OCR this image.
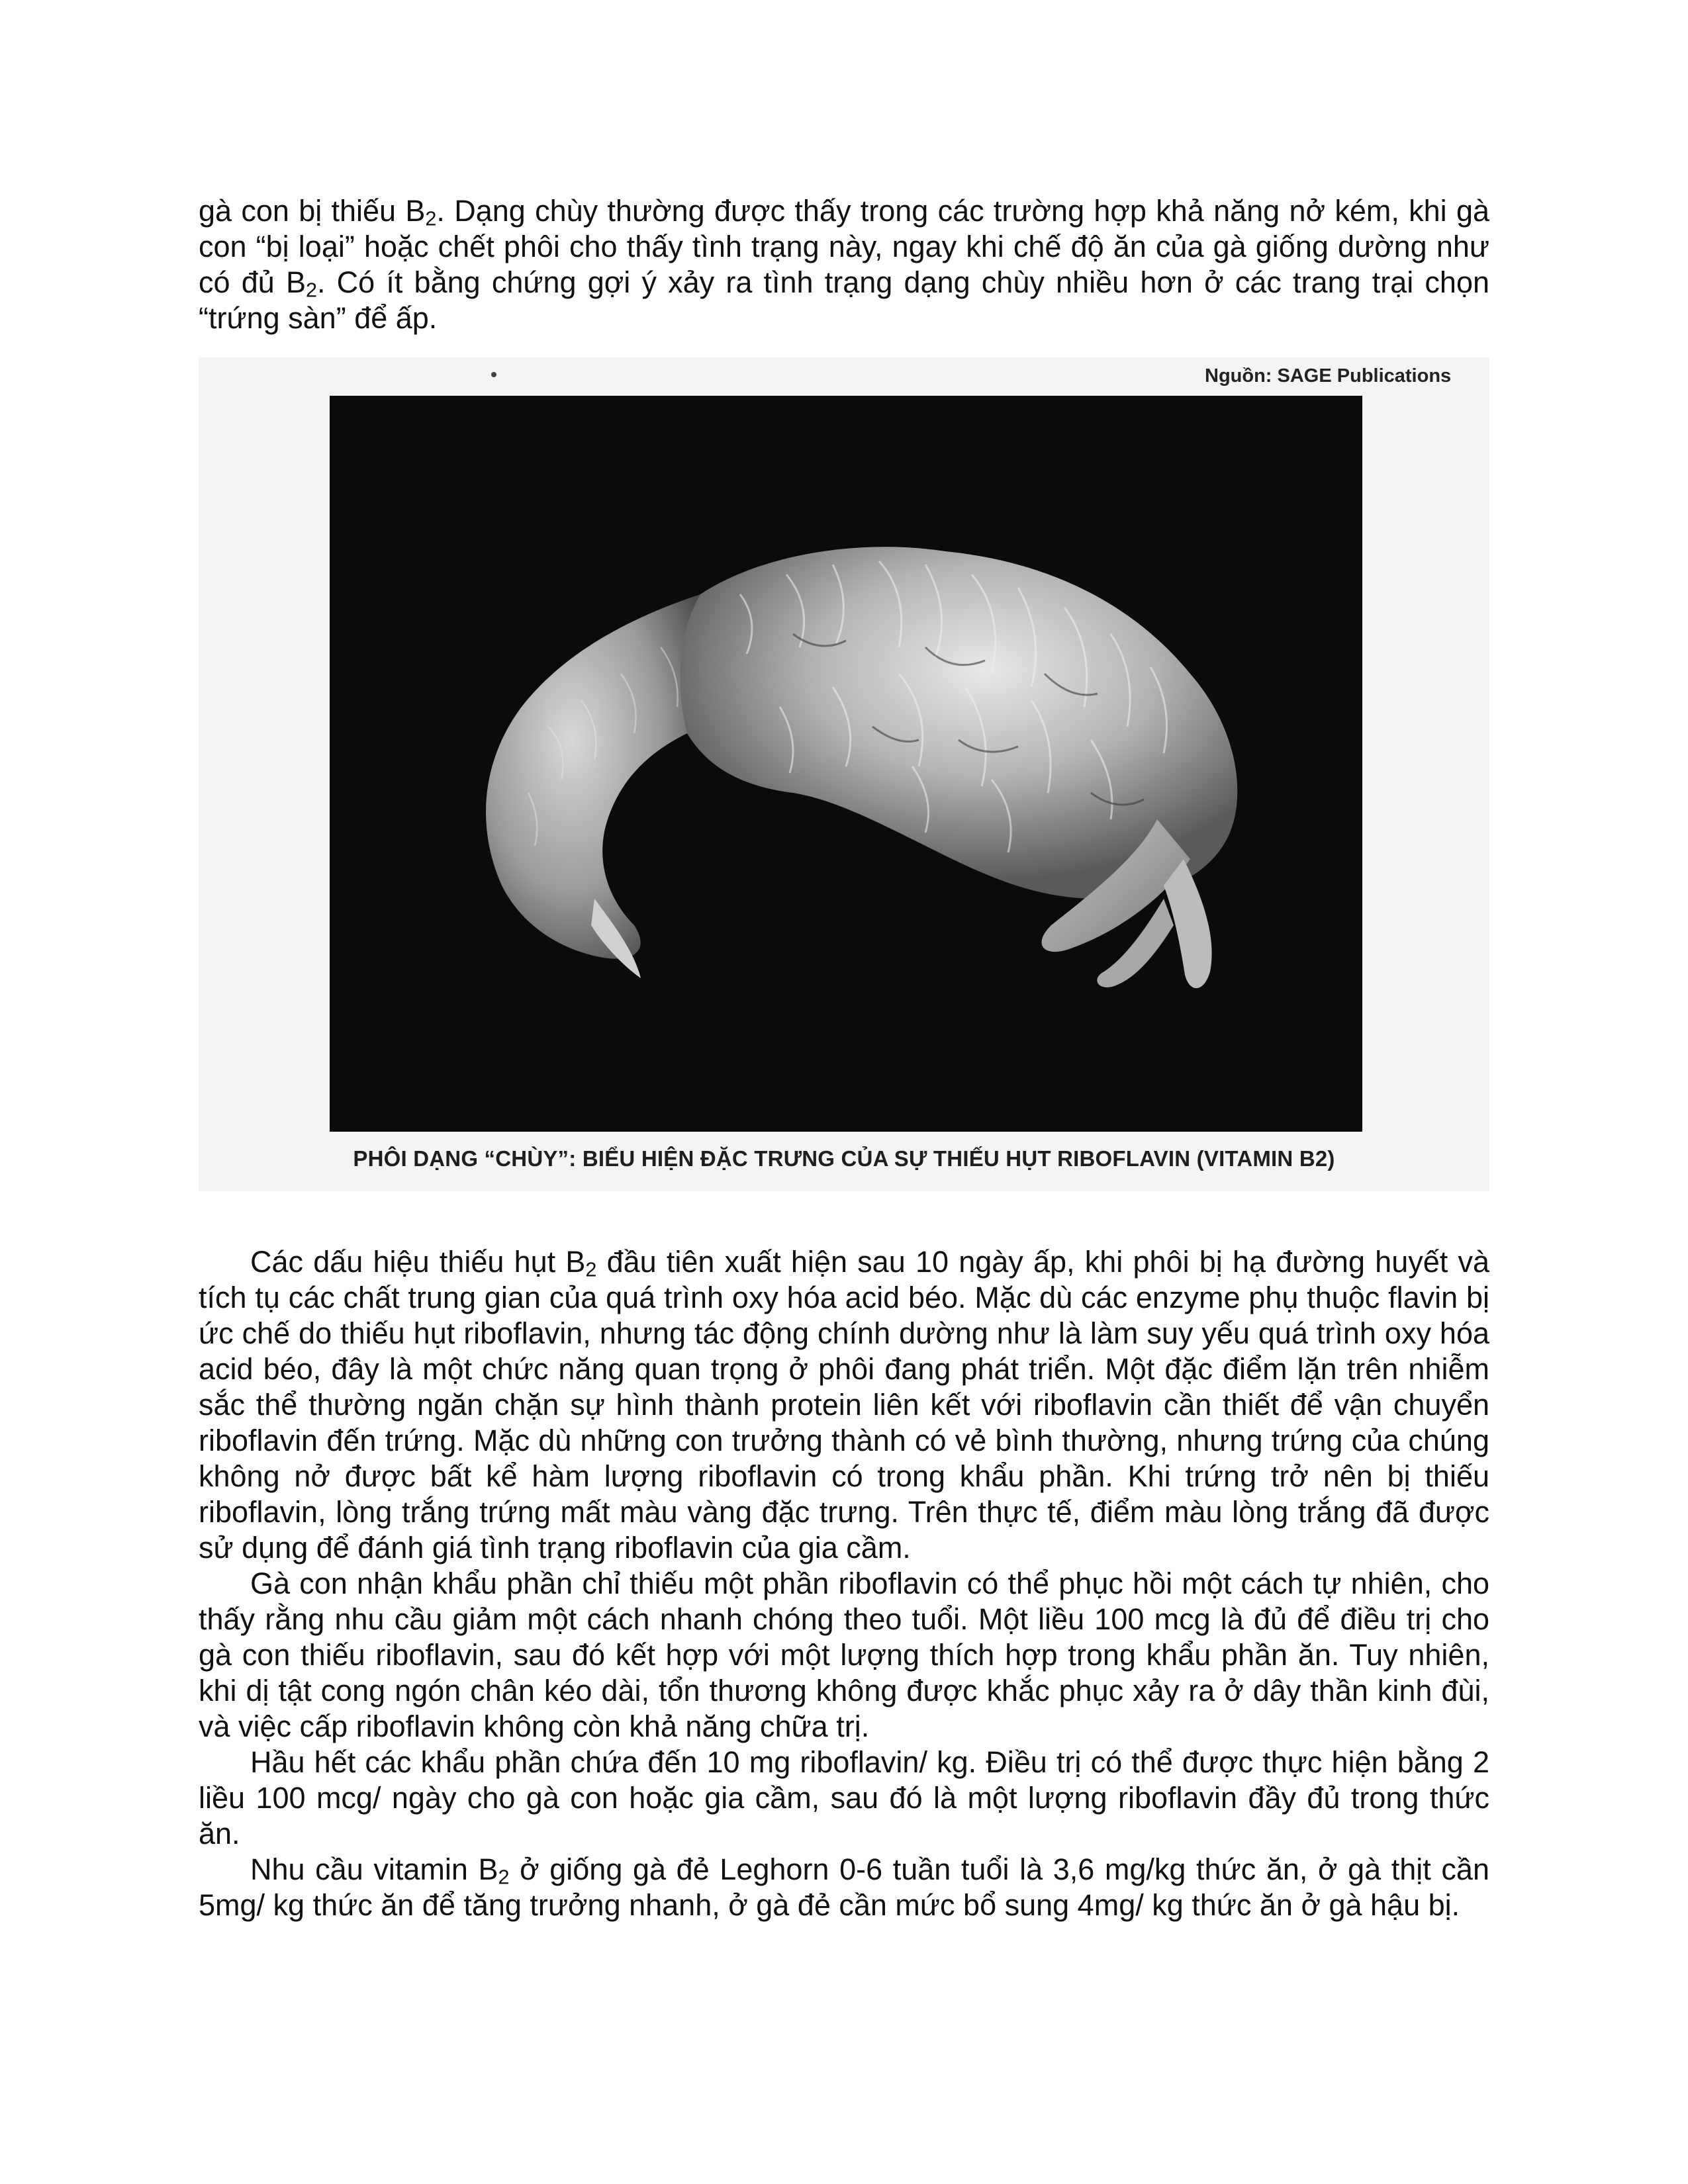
gà con bị thiếu $B_2$. Dạng chùy thường được thấy trong các trường hợp khả năng nở kém, khi gà con “bị loại” hoặc chết phôi cho thấy tình trạng này, ngay khi chế độ ăn của gà giống dường như có đủ $B_2$. Có ít bằng chứng gợi ý xảy ra tình trạng dạng chùy nhiều hơn ở các trang trại chọn “trứng sàn” để ấp.

Nguồn: SAGE Publications
PHÔI DẠNG “CHÙY”: BIỂU HIỆN ĐẶC TRƯNG CỦA SỰ THIẾU HỤT RIBOFLAVIN (VITAMIN B2)

Các dấu hiệu thiếu hụt $B_2$ đầu tiên xuất hiện sau 10 ngày ấp, khi phôi bị hạ đường huyết và tích tụ các chất trung gian của quá trình oxy hóa acid béo. Mặc dù các enzyme phụ thuộc flavin bị ức chế do thiếu hụt riboflavin, nhưng tác động chính dường như là làm suy yếu quá trình oxy hóa acid béo, đây là một chức năng quan trọng ở phôi đang phát triển. Một đặc điểm lặn trên nhiễm sắc thể thường ngăn chặn sự hình thành protein liên kết với riboflavin cần thiết để vận chuyển riboflavin đến trứng. Mặc dù những con trưởng thành có vẻ bình thường, nhưng trứng của chúng không nở được bất kể hàm lượng riboflavin có trong khẩu phần. Khi trứng trở nên bị thiếu riboflavin, lòng trắng trứng mất màu vàng đặc trưng. Trên thực tế, điểm màu lòng trắng đã được sử dụng để đánh giá tình trạng riboflavin của gia cầm.

Gà con nhận khẩu phần chỉ thiếu một phần riboflavin có thể phục hồi một cách tự nhiên, cho thấy rằng nhu cầu giảm một cách nhanh chóng theo tuổi. Một liều 100 mcg là đủ để điều trị cho gà con thiếu riboflavin, sau đó kết hợp với một lượng thích hợp trong khẩu phần ăn. Tuy nhiên, khi dị tật cong ngón chân kéo dài, tổn thương không được khắc phục xảy ra ở dây thần kinh đùi, và việc cấp riboflavin không còn khả năng chữa trị.

Hầu hết các khẩu phần chứa đến 10 mg riboflavin/ kg. Điều trị có thể được thực hiện bằng 2 liều 100 mcg/ ngày cho gà con hoặc gia cầm, sau đó là một lượng riboflavin đầy đủ trong thức ăn.

Nhu cầu vitamin $B_2$ ở giống gà đẻ Leghorn 0-6 tuần tuổi là 3,6 mg/kg thức ăn, ở gà thịt cần 5mg/ kg thức ăn để tăng trưởng nhanh, ở gà đẻ cần mức bổ sung 4mg/ kg thức ăn ở gà hậu bị.
